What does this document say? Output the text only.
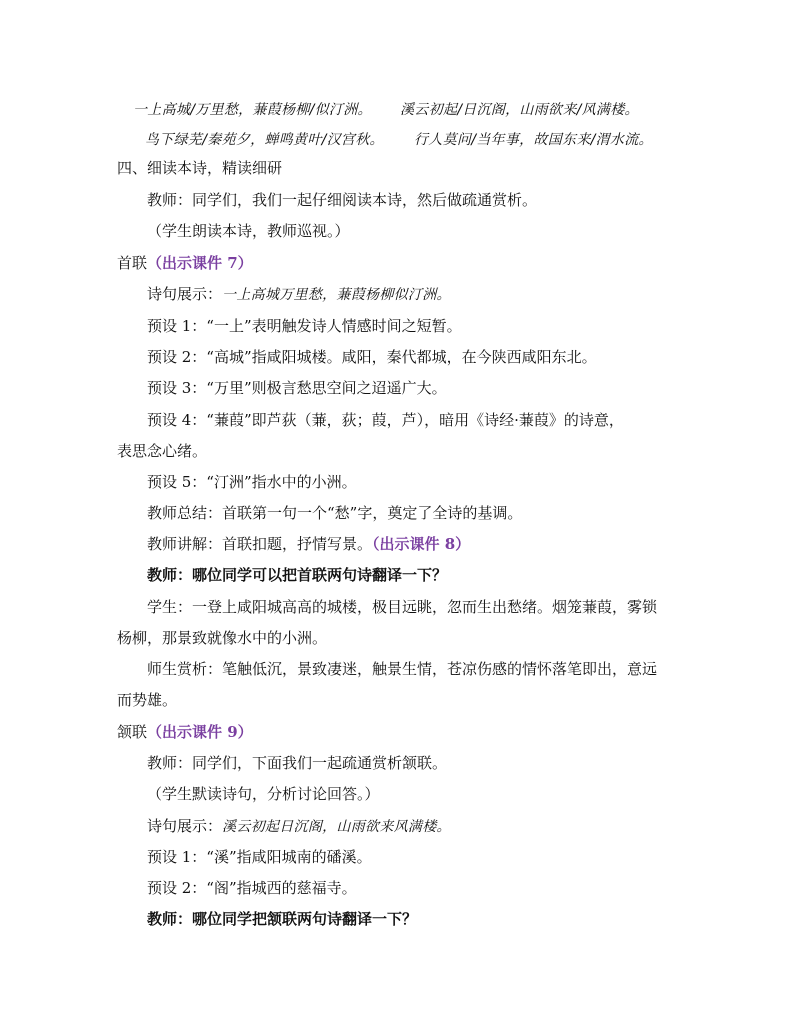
一上高城/万里愁，蒹葭杨柳/似汀洲。 溪云初起/日沉阁，山雨欲来/风满楼。
鸟下绿芜/秦苑夕，蝉鸣黄叶/汉宫秋。 行人莫问/当年事，故国东来/渭水流。
四、细读本诗，精读细研
教师：同学们，我们一起仔细阅读本诗，然后做疏通赏析。
（学生朗读本诗，教师巡视。）
首联（出示课件 7）
诗句展示：一上高城万里愁，蒹葭杨柳似汀洲。
预设 1：“一上”表明触发诗人情感时间之短暂。
预设 2：“高城”指咸阳城楼。咸阳，秦代都城，在今陕西咸阳东北。
预设 3：“万里”则极言愁思空间之迢遥广大。
预设 4：“蒹葭”即芦荻（蒹，荻；葭，芦），暗用《诗经·蒹葭》的诗意，
表思念心绪。
预设 5：“汀洲”指水中的小洲。
教师总结：首联第一句一个“愁”字，奠定了全诗的基调。
教师讲解：首联扣题，抒情写景。（出示课件 8）
教师：哪位同学可以把首联两句诗翻译一下？
学生：一登上咸阳城高高的城楼，极目远眺，忽而生出愁绪。烟笼蒹葭，雾锁
杨柳，那景致就像水中的小洲。
师生赏析：笔触低沉，景致凄迷，触景生情，苍凉伤感的情怀落笔即出，意远
而势雄。
颔联（出示课件 9）
教师：同学们，下面我们一起疏通赏析颔联。
（学生默读诗句，分析讨论回答。）
诗句展示：溪云初起日沉阁，山雨欲来风满楼。
预设 1：“溪”指咸阳城南的磻溪。
预设 2：“阁”指城西的慈福寺。
教师：哪位同学把颔联两句诗翻译一下？
